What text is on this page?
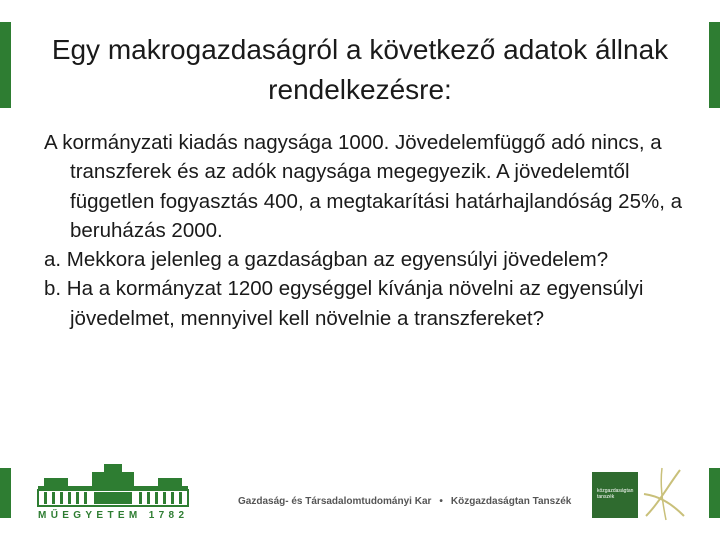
Egy makrogazdaságról a következő adatok állnak
rendelkezésre:

A kormányzati kiadás nagysága 1000. Jövedelemfüggő adó nincs, a transzferek és az adók nagysága megegyezik. A jövedelemtől független fogyasztás 400, a megtakarítási határhajlandóság 25%, a beruházás 2000.

a. Mekkora jelenleg a gazdaságban az egyensúlyi jövedelem?

b. Ha a kormányzat 1200 egységgel kívánja növelni az egyensúlyi jövedelmet, mennyivel kell növelnie a transzfereket?

MŰEGYETEM 1782
Gazdaság- és Társadalomtudományi Kar • Közgazdaságtan Tanszék
közgazdaságtan tanszék
